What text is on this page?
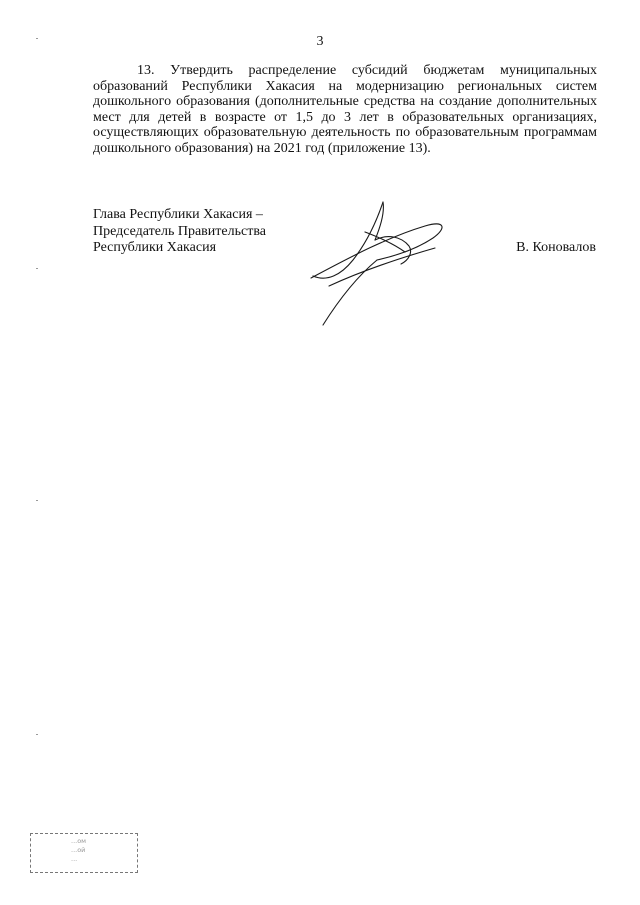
3

13. Утвердить распределение субсидий бюджетам муниципальных образований Республики Хакасия на модернизацию региональных систем дошкольного образования (дополнительные средства на создание дополнительных мест для детей в возрасте от 1,5 до 3 лет в образовательных организациях, осуществляющих образовательную деятельность по образовательным программам дошкольного образования) на 2021 год (приложение 13).

Глава Республики Хакасия –
Председатель Правительства
Республики Хакасия	В. Коновалов
...ом
...ой
...
